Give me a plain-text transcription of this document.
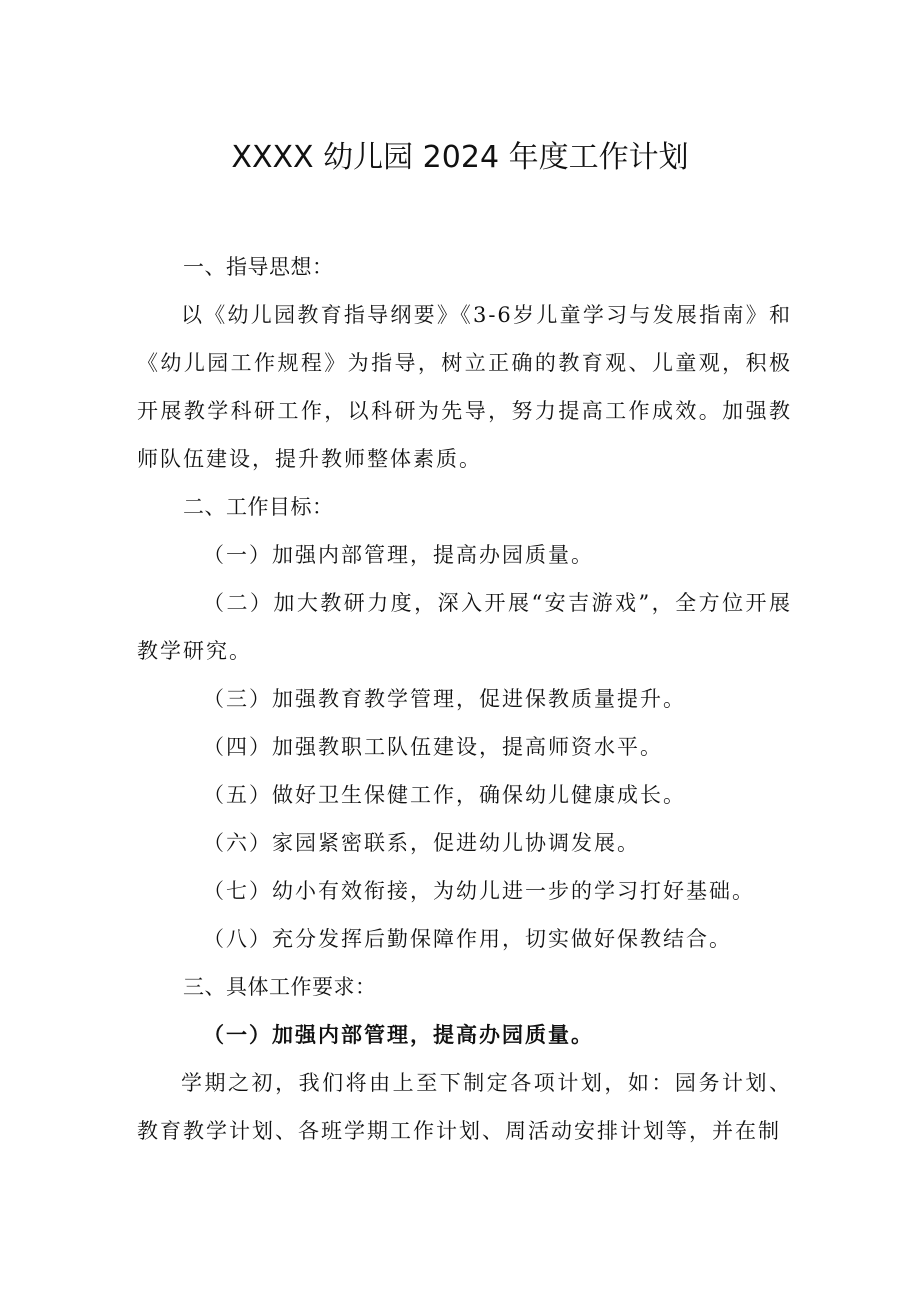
XXXX 幼儿园 2024 年度工作计划

一、指导思想：

以《幼儿园教育指导纲要》《3-6岁儿童学习与发展指南》和《幼儿园工作规程》为指导，树立正确的教育观、儿童观，积极开展教学科研工作，以科研为先导，努力提高工作成效。加强教师队伍建设，提升教师整体素质。

二、工作目标：

（一）加强内部管理，提高办园质量。

（二）加大教研力度，深入开展“安吉游戏”，全方位开展教学研究。

（三）加强教育教学管理，促进保教质量提升。

（四）加强教职工队伍建设，提高师资水平。

（五）做好卫生保健工作，确保幼儿健康成长。

（六）家园紧密联系，促进幼儿协调发展。

（七）幼小有效衔接，为幼儿进一步的学习打好基础。

（八）充分发挥后勤保障作用，切实做好保教结合。

三、具体工作要求：

（一）加强内部管理，提高办园质量。

学期之初，我们将由上至下制定各项计划，如：园务计划、教育教学计划、各班学期工作计划、周活动安排计划等，并在制
